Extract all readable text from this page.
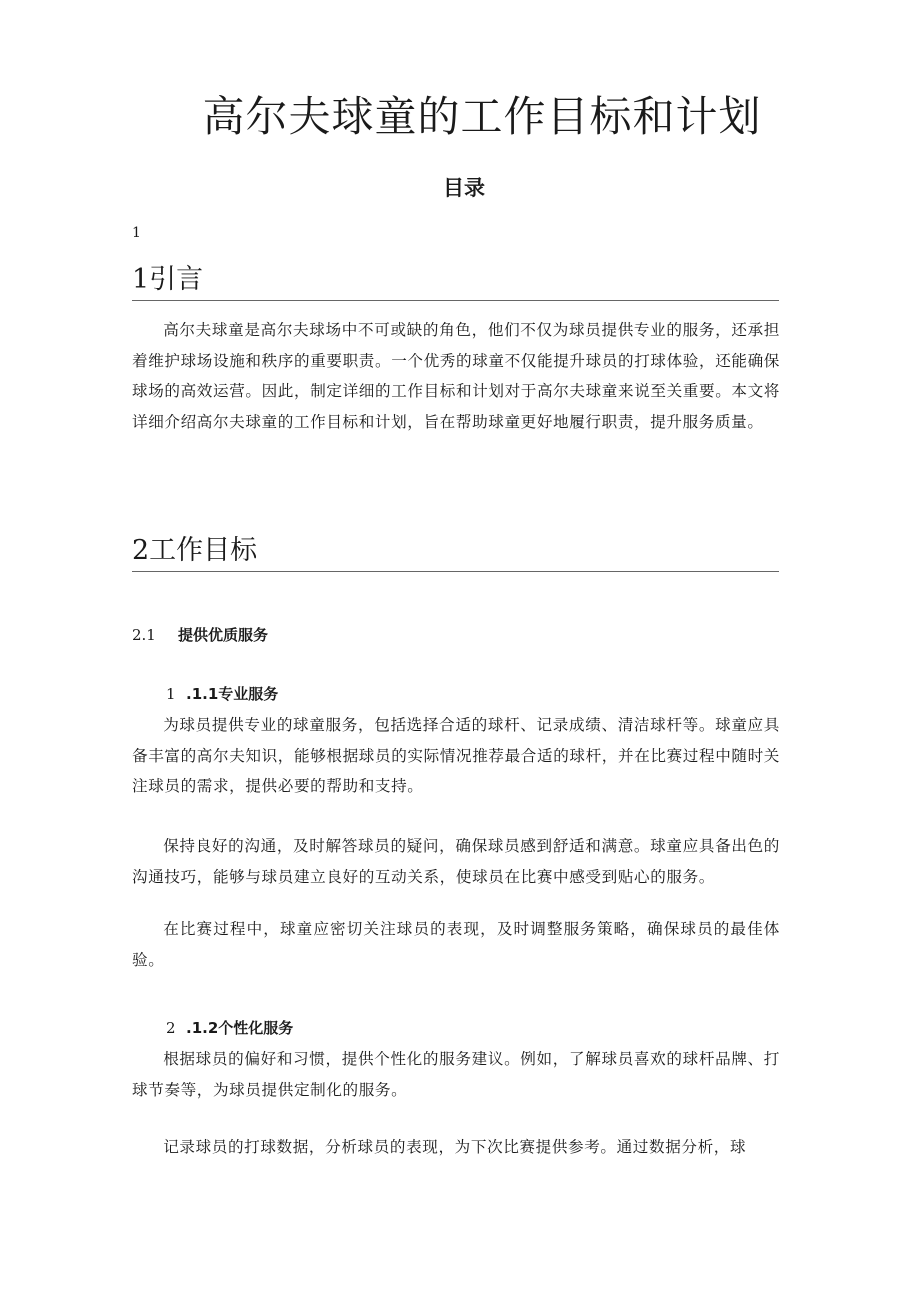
高尔夫球童的工作目标和计划
目录
1
1引言

高尔夫球童是高尔夫球场中不可或缺的角色，他们不仅为球员提供专业的服务，还承担着维护球场设施和秩序的重要职责。一个优秀的球童不仅能提升球员的打球体验，还能确保球场的高效运营。因此，制定详细的工作目标和计划对于高尔夫球童来说至关重要。本文将详细介绍高尔夫球童的工作目标和计划，旨在帮助球童更好地履行职责，提升服务质量。

2工作目标
2.1 提供优质服务
1 .1.1专业服务

为球员提供专业的球童服务，包括选择合适的球杆、记录成绩、清洁球杆等。球童应具备丰富的高尔夫知识，能够根据球员的实际情况推荐最合适的球杆，并在比赛过程中随时关注球员的需求，提供必要的帮助和支持。

保持良好的沟通，及时解答球员的疑问，确保球员感到舒适和满意。球童应具备出色的沟通技巧，能够与球员建立良好的互动关系，使球员在比赛中感受到贴心的服务。

在比赛过程中，球童应密切关注球员的表现，及时调整服务策略，确保球员的最佳体验。

2 .1.2个性化服务

根据球员的偏好和习惯，提供个性化的服务建议。例如，了解球员喜欢的球杆品牌、打球节奏等，为球员提供定制化的服务。

记录球员的打球数据，分析球员的表现，为下次比赛提供参考。通过数据分析，球
